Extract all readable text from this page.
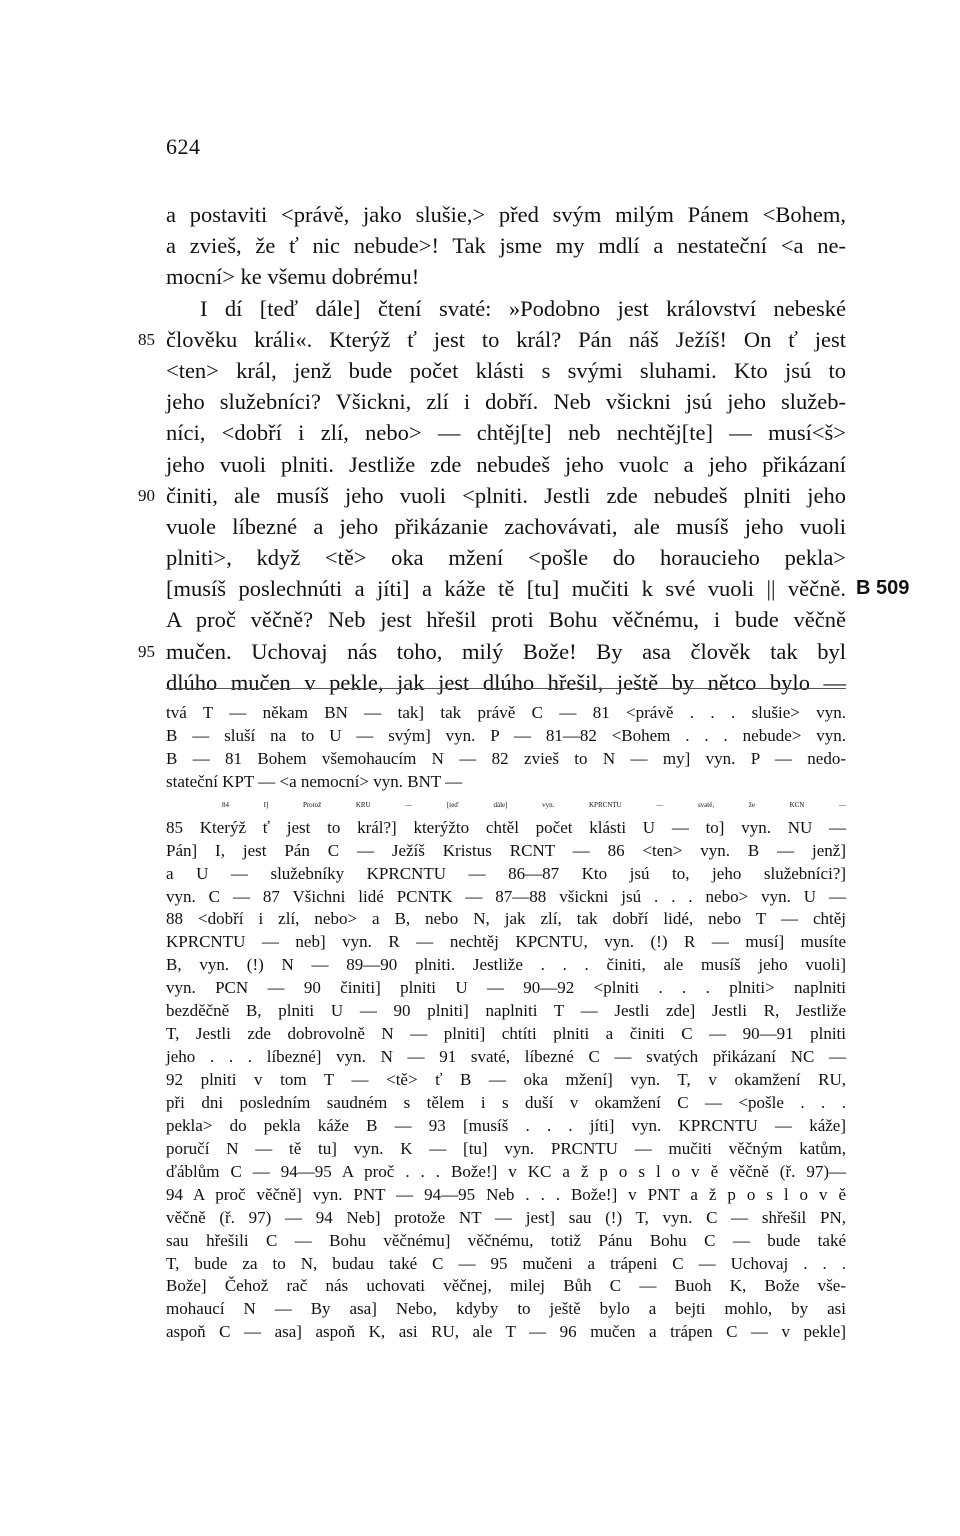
624
a postaviti <právě, jako slušie,> před svým milým Pánem <Bohem,
a zvieš, že ť nic nebude>! Tak jsme my mdlí a nestateční <a ne-
mocní> ke všemu dobrému!
I dí [teď dále] čtení svaté: »Podobno jest království nebeské
člověku králi«. Kterýž ť jest to král? Pán náš Ježíš! On ť jest
85
<ten> král, jenž bude počet klásti s svými sluhami. Kto jsú to
jeho služebníci? Všickni, zlí i dobří. Neb všickni jsú jeho služeb-
níci, <dobří i zlí, nebo> — chtěj[te] neb nechtěj[te] — musí<š>
jeho vuoli plniti. Jestliže zde nebudeš jeho vuolc a jeho přikázaní
činiti, ale musíš jeho vuoli <plniti. Jestli zde nebudeš plniti jeho
90
vuole líbezné a jeho přikázanie zachovávati, ale musíš jeho vuoli
plniti>, když <tě> oka mžení <pošle do horaucieho pekla>
[musíš poslechnúti a jíti] a káže tě [tu] mučiti k své vuoli || věčně. B 509
A proč věčně? Neb jest hřešil proti Bohu věčnému, i bude věčně
mučen. Uchovaj nás toho, milý Bože! By asa člověk tak byl
95
dlúho mučen v pekle, jak jest dlúho hřešil, ještě by nětco bylo —
tvá T — někam BN — tak] tak právě C — 81 <právě . . . slušie> vyn.
B — sluší na to U — svým] vyn. P — 81—82 <Bohem . . . nebude> vyn.
B — 81 Bohem všemohaucím N — 82 zvieš to N — my] vyn. P — nedo-
stateční KPT — <a nemocní> vyn. BNT —
84 I] Protož KRU — [teď dále] vyn. KPRCNTU — svaté, že KCN —
85 Kterýž ť jest to král?] kterýžto chtěl počet klásti U — to] vyn. NU —
Pán] I, jest Pán C — Ježíš Kristus RCNT — 86 <ten> vyn. B — jenž]
a U — služebníky KPRCNTU — 86—87 Kto jsú to, jeho služebníci?]
vyn. C — 87 Všichni lidé PCNTK — 87—88 všickni jsú . . . nebo> vyn. U —
88 <dobří i zlí, nebo> a B, nebo N, jak zlí, tak dobří lidé, nebo T — chtěj
KPRCNTU — neb] vyn. R — nechtěj KPCNTU, vyn. (!) R — musí] musíte
B, vyn. (!) N — 89—90 plniti. Jestliže . . . činiti, ale musíš jeho vuoli]
vyn. PCN — 90 činiti] plniti U — 90—92 <plniti . . . plniti> naplniti
bezděčně B, plniti U — 90 plniti] naplniti T — Jestli zde] Jestli R, Jestliže
T, Jestli zde dobrovolně N — plniti] chtíti plniti a činiti C — 90—91 plniti
jeho . . . líbezné] vyn. N — 91 svaté, líbezné C — svatých přikázaní NC —
92 plniti v tom T — <tě> ť B — oka mžení] vyn. T, v okamžení RU,
při dni posledním saudném s tělem i s duší v okamžení C — <pošle . . .
pekla> do pekla káže B — 93 [musíš . . . jíti] vyn. KPRCNTU — káže]
poručí N — tě tu] vyn. K — [tu] vyn. PRCNTU — mučiti věčným katům,
ďáblům C — 94—95 A proč . . . Bože!] v KC a ž p o s l o v ě věčně (ř. 97)—
94 A proč věčně] vyn. PNT — 94—95 Neb . . . Bože!] v PNT a ž p o s l o v ě
věčně (ř. 97) — 94 Neb] protože NT — jest] sau (!) T, vyn. C — shřešil PN,
sau hřešili C — Bohu věčnému] věčnému, totiž Pánu Bohu C — bude také
T, bude za to N, budau také C — 95 mučeni a trápeni C — Uchovaj . . .
Bože] Čehož rač nás uchovati věčnej, milej Bůh C — Buoh K, Bože vše-
mohaucí N — By asa] Nebo, kdyby to ještě bylo a bejti mohlo, by asi
aspoň C — asa] aspoň K, asi RU, ale T — 96 mučen a trápen C — v pekle]
